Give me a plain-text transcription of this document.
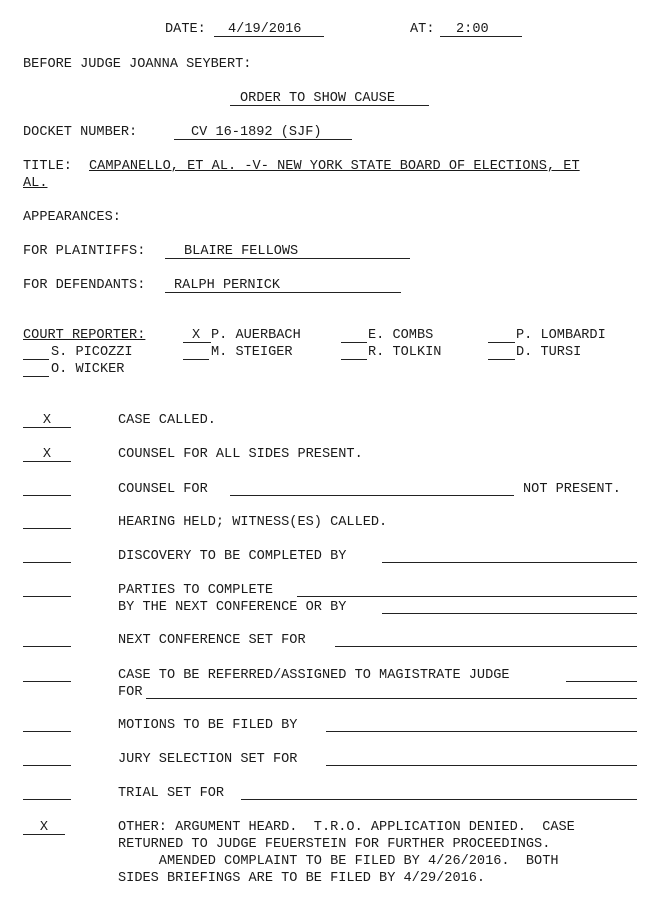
DATE: 4/19/2016	AT: 2:00
BEFORE JUDGE JOANNA SEYBERT:
ORDER TO SHOW CAUSE
DOCKET NUMBER:	CV 16-1892 (SJF)
TITLE: CAMPANELLO, ET AL. -V- NEW YORK STATE BOARD OF ELECTIONS, ET
AL.
APPEARANCES:
FOR PLAINTIFFS:	BLAIRE FELLOWS
FOR DEFENDANTS: RALPH PERNICK
COURT REPORTER:	X P. AUERBACH	E. COMBS	P. LOMBARDI
S. PICOZZI	M. STEIGER	R. TOLKIN	D. TURSI
O. WICKER
X	CASE CALLED.
X	COUNSEL FOR ALL SIDES PRESENT.
COUNSEL FOR	NOT PRESENT.
HEARING HELD; WITNESS(ES) CALLED.
DISCOVERY TO BE COMPLETED BY
PARTIES TO COMPLETE
BY THE NEXT CONFERENCE OR BY
NEXT CONFERENCE SET FOR
CASE TO BE REFERRED/ASSIGNED TO MAGISTRATE JUDGE
FOR
MOTIONS TO BE FILED BY
JURY SELECTION SET FOR
TRIAL SET FOR
X	OTHER: ARGUMENT HEARD.  T.R.O. APPLICATION DENIED.  CASE
RETURNED TO JUDGE FEUERSTEIN FOR FURTHER PROCEEDINGS.
AMENDED COMPLAINT TO BE FILED BY 4/26/2016.  BOTH
SIDES BRIEFINGS ARE TO BE FILED BY 4/29/2016.
